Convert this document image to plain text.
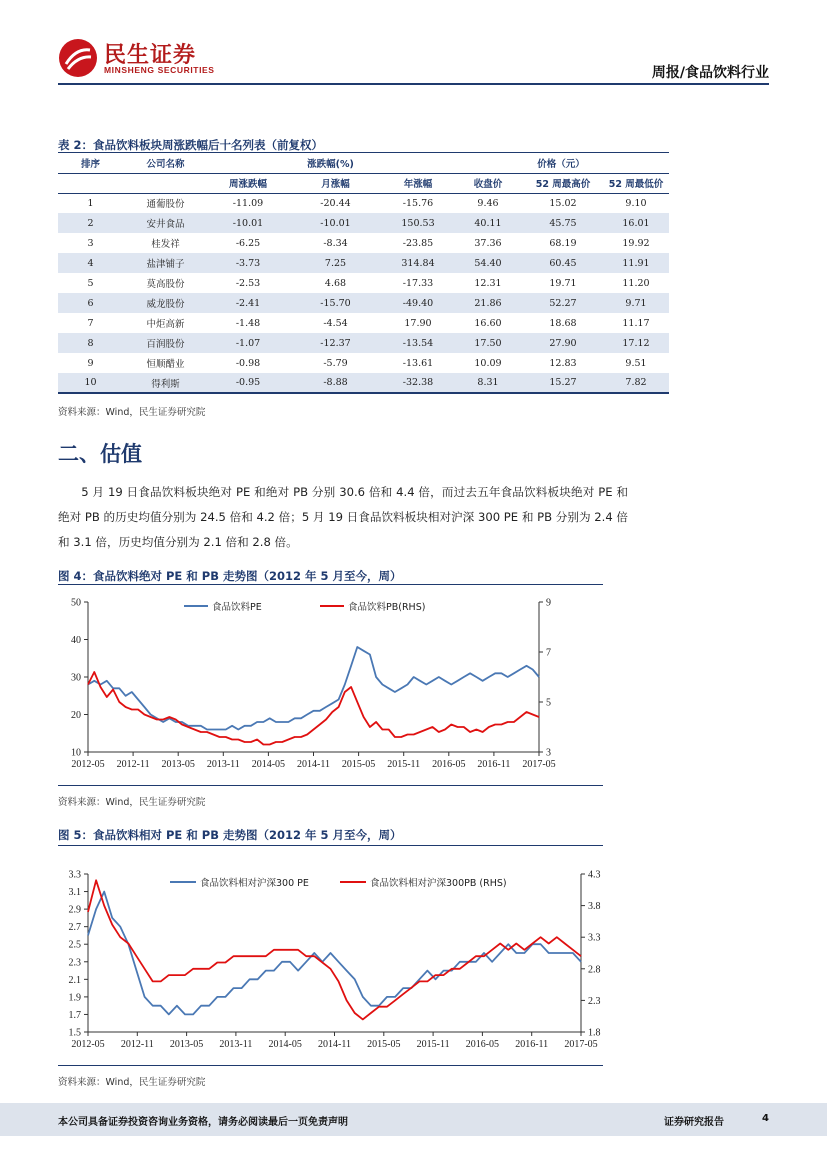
民生证券
MINSHENG SECURITIES	周报/食品饮料行业
表 2：食品饮料板块周涨跌幅后十名列表（前复权）
排序	公司名称	涨跌幅(%)			价格（元）		
		周涨跌幅	月涨幅	年涨幅	收盘价	52 周最高价	52 周最低价
1	通葡股份	-11.09	-20.44	-15.76	9.46	15.02	9.10
2	安井食品	-10.01	-10.01	150.53	40.11	45.75	16.01
3	桂发祥	-6.25	-8.34	-23.85	37.36	68.19	19.92
4	盐津铺子	-3.73	7.25	314.84	54.40	60.45	11.91
5	莫高股份	-2.53	4.68	-17.33	12.31	19.71	11.20
6	威龙股份	-2.41	-15.70	-49.40	21.86	52.27	9.71
7	中炬高新	-1.48	-4.54	17.90	16.60	18.68	11.17
8	百润股份	-1.07	-12.37	-13.54	17.50	27.90	17.12
9	恒顺醋业	-0.98	-5.79	-13.61	10.09	12.83	9.51
10	得利斯	-0.95	-8.88	-32.38	8.31	15.27	7.82
资料来源：Wind，民生证券研究院
二、估值

5 月 19 日食品饮料板块绝对 PE 和绝对 PB 分别 30.6 倍和 4.4 倍，而过去五年食品饮料板块绝对 PE 和绝对 PB 的历史均值分别为 24.5 倍和 4.2 倍；5 月 19 日食品饮料板块相对沪深 300 PE 和 PB 分别为 2.4 倍和 3.1 倍，历史均值分别为 2.1 倍和 2.8 倍。

图 4：食品饮料绝对 PE 和 PB 走势图（2012 年 5 月至今，周）
10
20
30
40
50
3
5
7
9
2012-05 2012-11 2013-05 2013-11 2014-05 2014-11 2015-05 2015-11 2016-05 2016-11 2017-05
食品饮料PE	食品饮料PB(RHS)
资料来源：Wind，民生证券研究院
图 5：食品饮料相对 PE 和 PB 走势图（2012 年 5 月至今，周）
1.5
1.7
1.9
2.1
2.3
2.5
2.7
2.9
3.1
3.3
1.8
2.3
2.8
3.3
3.8
4.3
2012-05 2012-11 2013-05 2013-11 2014-05 2014-11 2015-05 2015-11 2016-05 2016-11 2017-05
食品饮料相对沪深300 PE	食品饮料相对沪深300PB (RHS)
资料来源：Wind，民生证券研究院
本公司具备证券投资咨询业务资格，请务必阅读最后一页免责声明	证券研究报告	4
